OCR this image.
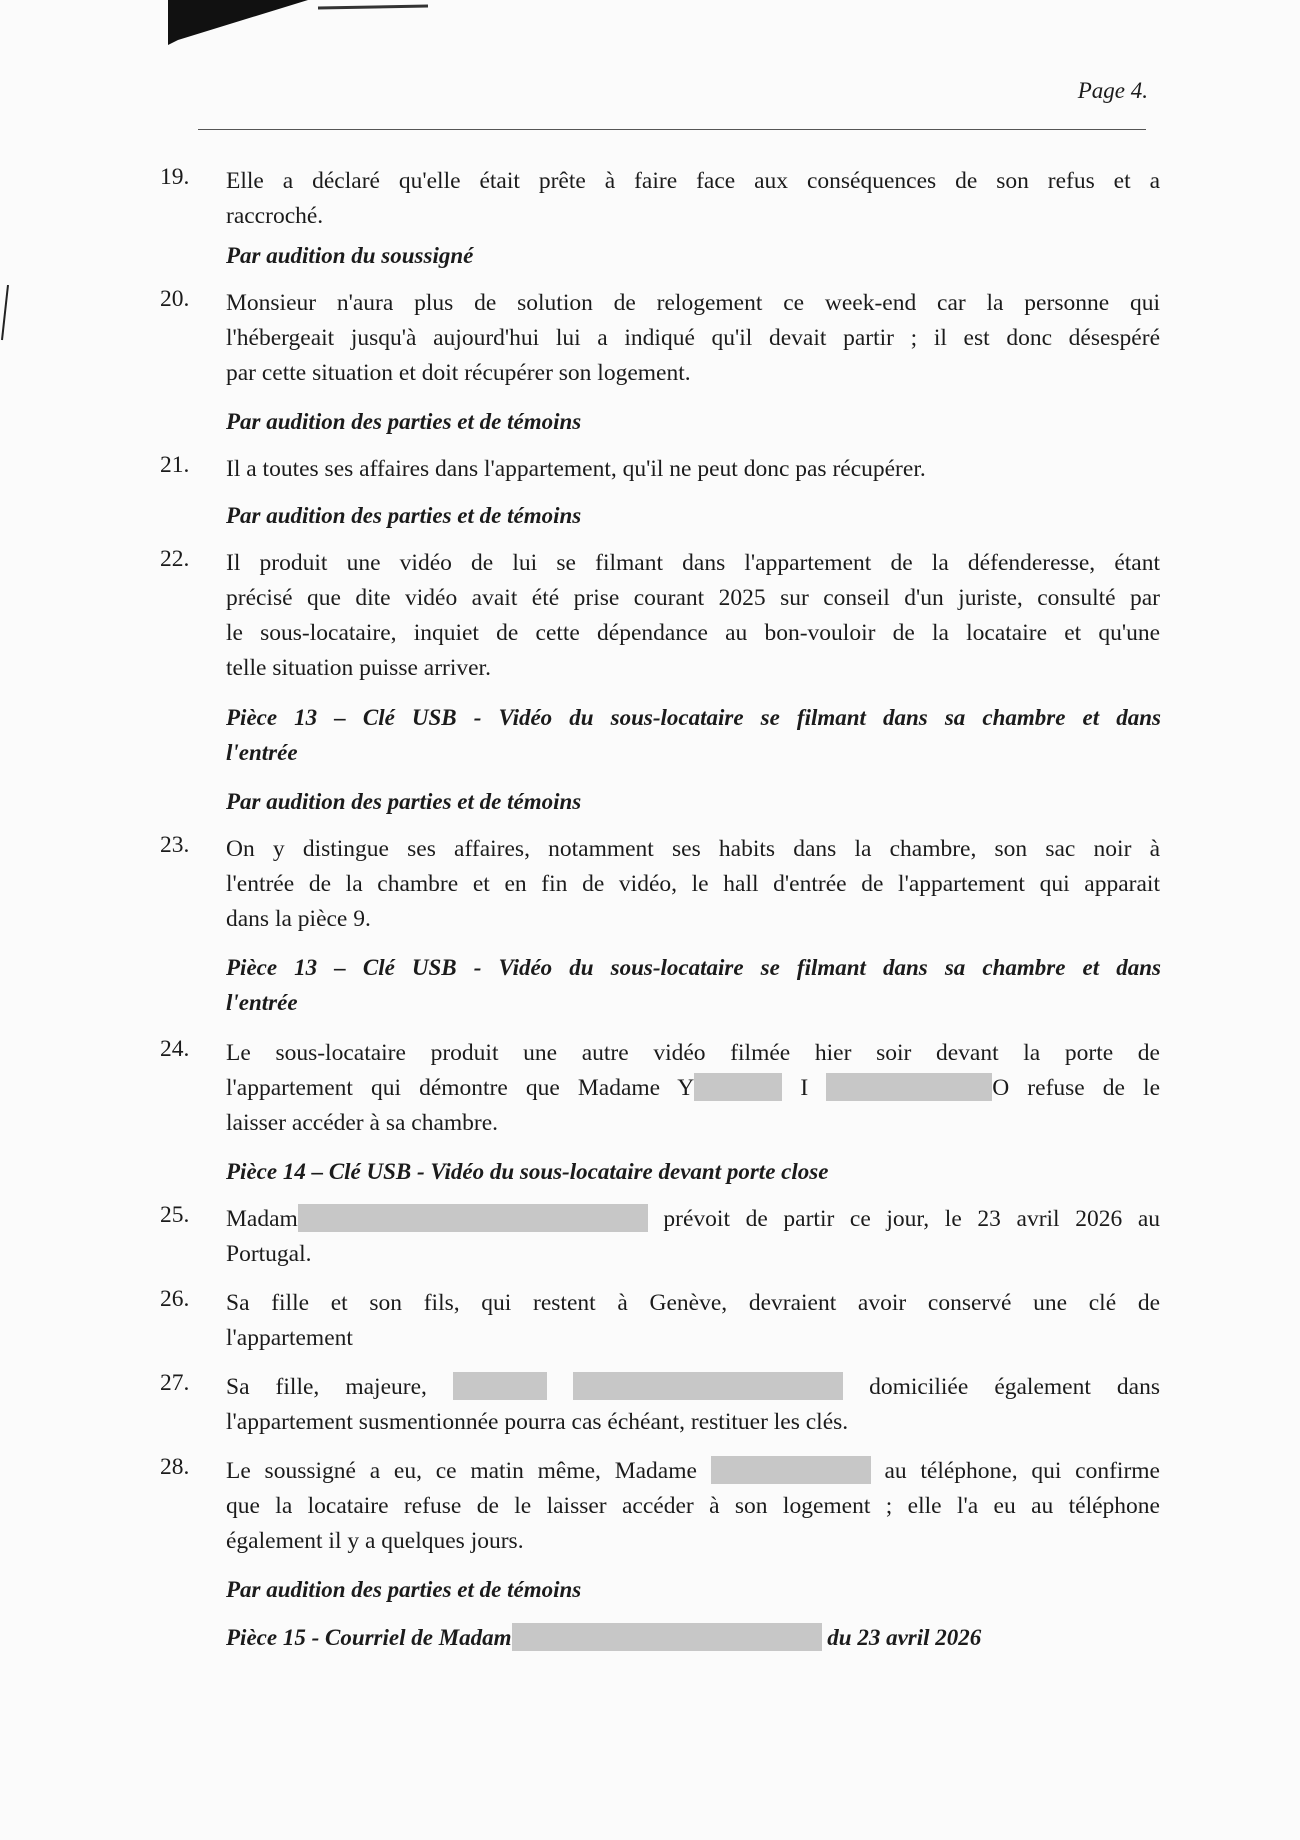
Page 4.
19.	Elle a déclaré qu'elle était prête à faire face aux conséquences de son refus et a
raccroché.
Par audition du soussigné
20.	Monsieur n'aura plus de solution de relogement ce week-end car la personne qui
l'hébergeait jusqu'à aujourd'hui lui a indiqué qu'il devait partir ; il est donc désespéré
par cette situation et doit récupérer son logement.
Par audition des parties et de témoins
21.	Il a toutes ses affaires dans l'appartement, qu'il ne peut donc pas récupérer.
Par audition des parties et de témoins
22.	Il produit une vidéo de lui se filmant dans l'appartement de la défenderesse, étant
précisé que dite vidéo avait été prise courant 2025 sur conseil d'un juriste, consulté par
le sous-locataire, inquiet de cette dépendance au bon-vouloir de la locataire et qu'une
telle situation puisse arriver.
Pièce 13 – Clé USB - Vidéo du sous-locataire se filmant dans sa chambre et dans
l'entrée
Par audition des parties et de témoins
23.	On y distingue ses affaires, notamment ses habits dans la chambre, son sac noir à
l'entrée de la chambre et en fin de vidéo, le hall d'entrée de l'appartement qui apparait
dans la pièce 9.
Pièce 13 – Clé USB - Vidéo du sous-locataire se filmant dans sa chambre et dans
l'entrée
24.	Le sous-locataire produit une autre vidéo filmée hier soir devant la porte de
l'appartement qui démontre que Madame Y	I	O refuse de le
laisser accéder à sa chambre.
Pièce 14 – Clé USB - Vidéo du sous-locataire devant porte close
25.	Madam	prévoit de partir ce jour, le 23 avril 2026 au
Portugal.
26.	Sa fille et son fils, qui restent à Genève, devraient avoir conservé une clé de
l'appartement
27.	Sa fille, majeure,	domiciliée également dans
l'appartement susmentionnée pourra cas échéant, restituer les clés.
28.	Le soussigné a eu, ce matin même, Madame	au téléphone, qui confirme
que la locataire refuse de le laisser accéder à son logement ; elle l'a eu au téléphone
également il y a quelques jours.
Par audition des parties et de témoins
Pièce 15 - Courriel de Madam	du 23 avril 2026
